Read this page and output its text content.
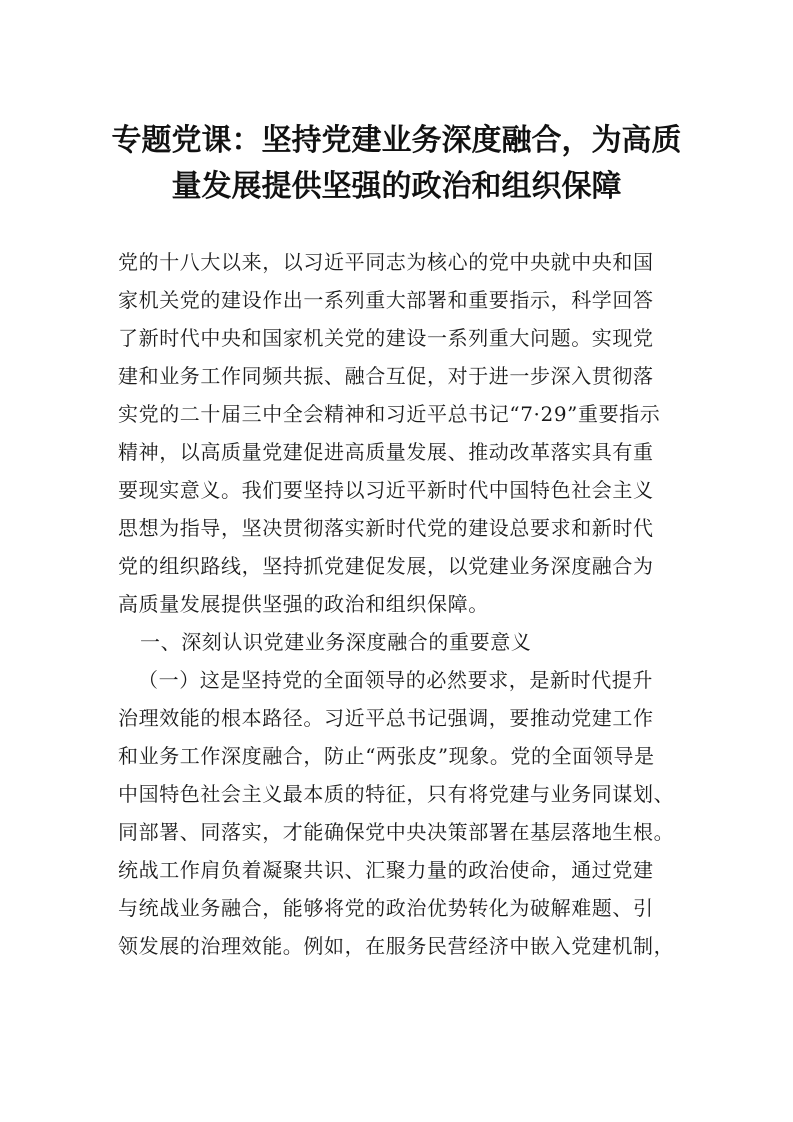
专题党课：坚持党建业务深度融合，为高质
量发展提供坚强的政治和组织保障
党的十八大以来，以习近平同志为核心的党中央就中央和国
家机关党的建设作出一系列重大部署和重要指示，科学回答
了新时代中央和国家机关党的建设一系列重大问题。实现党
建和业务工作同频共振、融合互促，对于进一步深入贯彻落
实党的二十届三中全会精神和习近平总书记“7·29”重要指示
精神，以高质量党建促进高质量发展、推动改革落实具有重
要现实意义。我们要坚持以习近平新时代中国特色社会主义
思想为指导，坚决贯彻落实新时代党的建设总要求和新时代
党的组织路线，坚持抓党建促发展，以党建业务深度融合为
高质量发展提供坚强的政治和组织保障。
一、深刻认识党建业务深度融合的重要意义
（一）这是坚持党的全面领导的必然要求，是新时代提升
治理效能的根本路径。习近平总书记强调，要推动党建工作
和业务工作深度融合，防止“两张皮”现象。党的全面领导是
中国特色社会主义最本质的特征，只有将党建与业务同谋划、
同部署、同落实，才能确保党中央决策部署在基层落地生根。
统战工作肩负着凝聚共识、汇聚力量的政治使命，通过党建
与统战业务融合，能够将党的政治优势转化为破解难题、引
领发展的治理效能。例如，在服务民营经济中嵌入党建机制，
